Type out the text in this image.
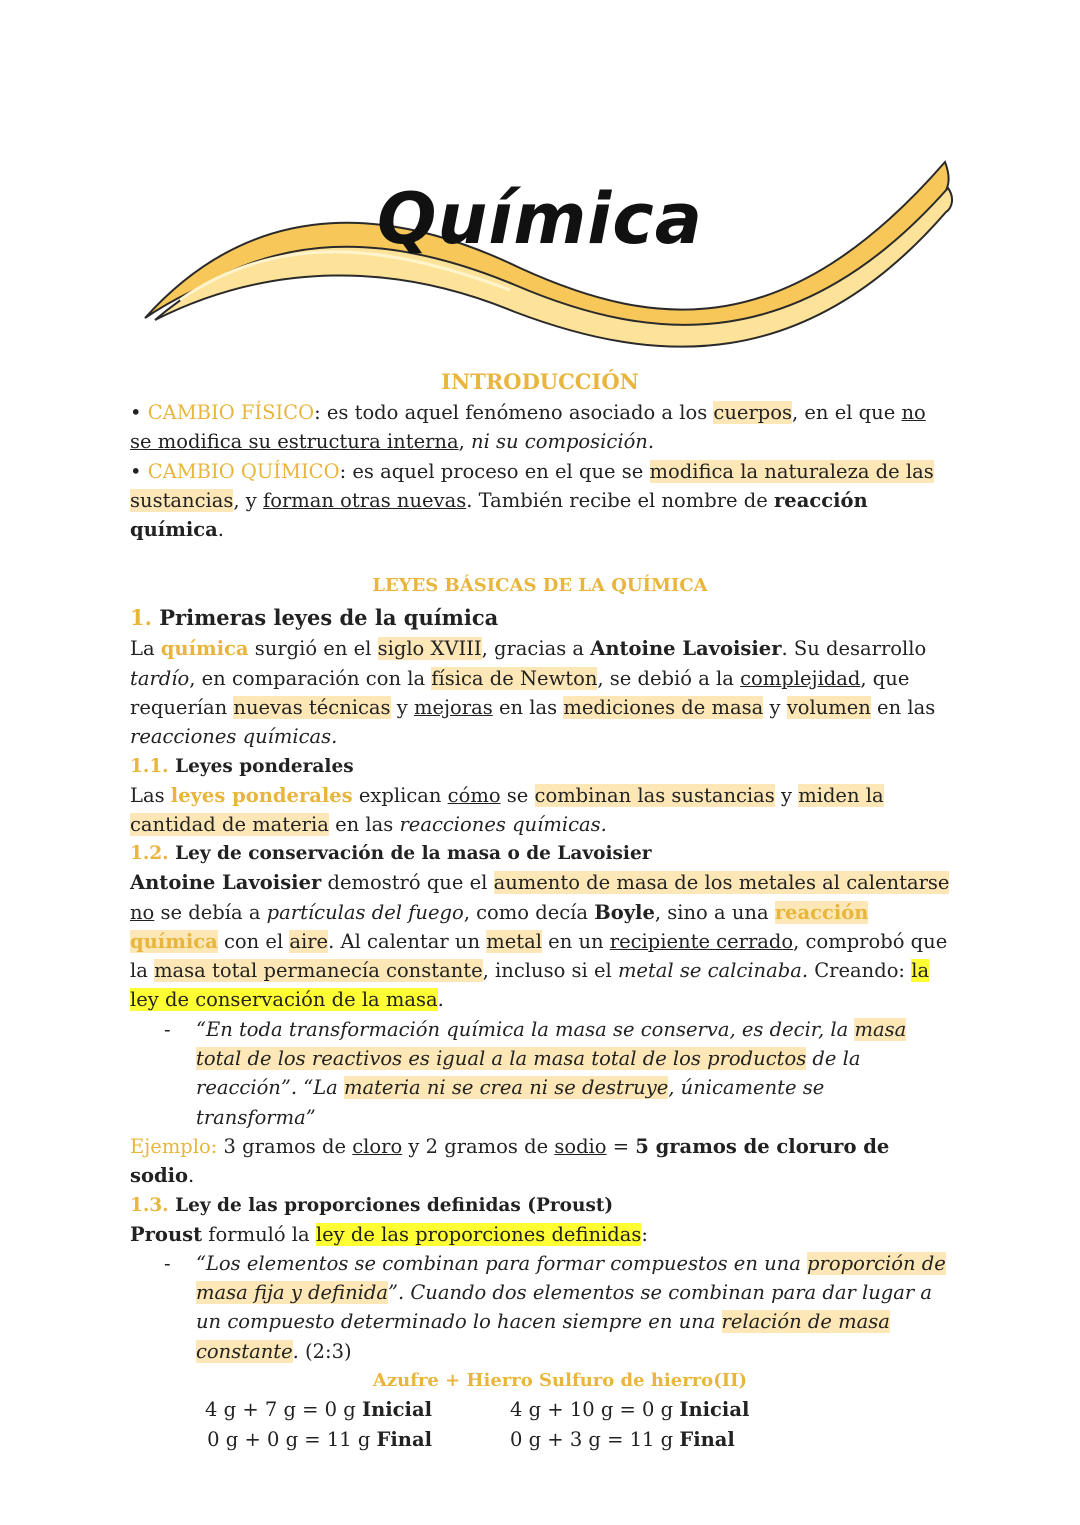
Química

INTRODUCCIÓN

• CAMBIO FÍSICO: es todo aquel fenómeno asociado a los cuerpos, en el que no se modifica su estructura interna, ni su composición.

• CAMBIO QUÍMICO: es aquel proceso en el que se modifica la naturaleza de las sustancias, y forman otras nuevas. También recibe el nombre de reacción química.

LEYES BÁSICAS DE LA QUÍMICA

1. Primeras leyes de la química

La química surgió en el siglo XVIII, gracias a Antoine Lavoisier. Su desarrollo tardío, en comparación con la física de Newton, se debió a la complejidad, que requerían nuevas técnicas y mejoras en las mediciones de masa y volumen en las reacciones químicas.

1.1. Leyes ponderales

Las leyes ponderales explican cómo se combinan las sustancias y miden la cantidad de materia en las reacciones químicas.

1.2. Ley de conservación de la masa o de Lavoisier

Antoine Lavoisier demostró que el aumento de masa de los metales al calentarse no se debía a partículas del fuego, como decía Boyle, sino a una reacción química con el aire. Al calentar un metal en un recipiente cerrado, comprobó que la masa total permanecía constante, incluso si el metal se calcinaba. Creando: la ley de conservación de la masa.

- “En toda transformación química la masa se conserva, es decir, la masa total de los reactivos es igual a la masa total de los productos de la reacción”. “La materia ni se crea ni se destruye, únicamente se transforma”

Ejemplo: 3 gramos de cloro y 2 gramos de sodio = 5 gramos de cloruro de sodio.

1.3. Ley de las proporciones definidas (Proust)

Proust formuló la ley de las proporciones definidas:

- “Los elementos se combinan para formar compuestos en una proporción de masa fija y definida”. Cuando dos elementos se combinan para dar lugar a un compuesto determinado lo hacen siempre en una relación de masa constante. (2:3)

Azufre + Hierro Sulfuro de hierro(II)

4 g + 7 g = 0 g Inicial	4 g + 10 g = 0 g Inicial
0 g + 0 g = 11 g Final	0 g + 3 g = 11 g Final
